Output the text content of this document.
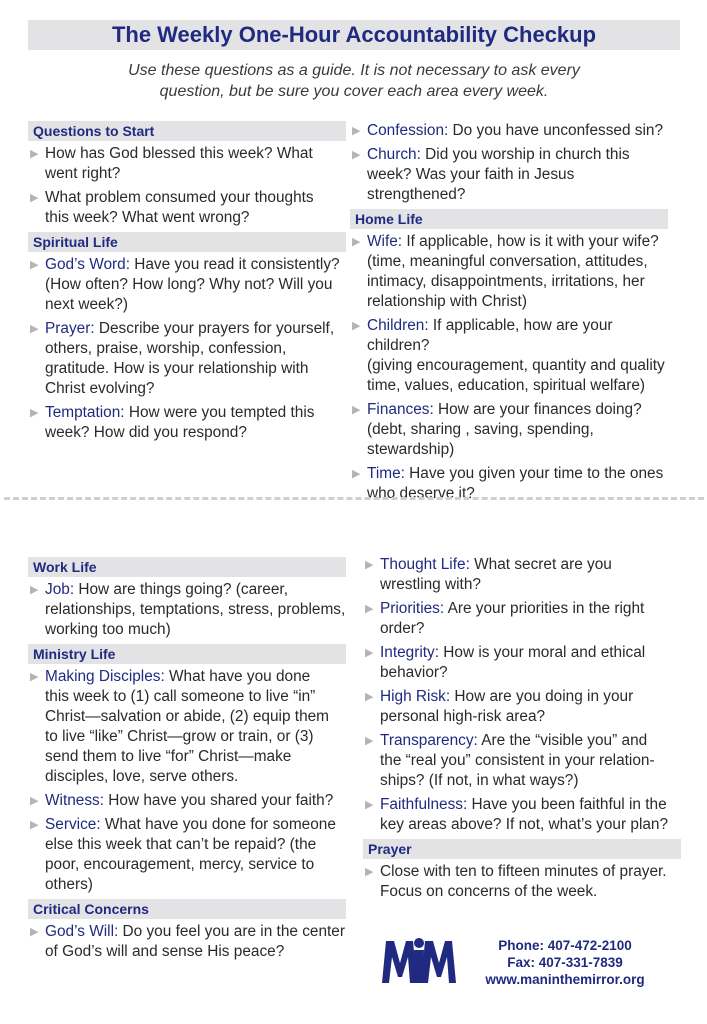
The Weekly One-Hour Accountability Checkup
Use these questions as a guide. It is not necessary to ask every
question, but be sure you cover each area every week.
Questions to Start
▶ How has God blessed this week? What
went right?
▶ What problem consumed your thoughts
this week? What went wrong?
Spiritual Life
▶ God’s Word: Have you read it consistently?
(How often? How long? Why not? Will you
next week?)
▶ Prayer: Describe your prayers for yourself,
others, praise, worship, confession,
gratitude. How is your relationship with
Christ evolving?
▶ Temptation: How were you tempted this
week? How did you respond?
▶ Confession: Do you have unconfessed sin?
▶ Church: Did you worship in church this
week? Was your faith in Jesus strengthened?
Home Life
▶ Wife: If applicable, how is it with your wife?
(time, meaningful conversation, attitudes,
intimacy, disappointments, irritations, her
relationship with Christ)
▶ Children: If applicable, how are your children?
(giving encouragement, quantity and quality
time, values, education, spiritual welfare)
▶ Finances: How are your finances doing?
(debt, sharing , saving, spending, stewardship)
▶ Time: Have you given your time to the ones
who deserve it?
Work Life
▶ Job: How are things going? (career,
relationships, temptations, stress, problems,
working too much)
Ministry Life
▶ Making Disciples: What have you done
this week to (1) call someone to live “in”
Christ—salvation or abide, (2) equip them
to live “like” Christ—grow or train, or (3)
send them to live “for” Christ—make
disciples, love, serve others.
▶ Witness: How have you shared your faith?
▶ Service: What have you done for someone
else this week that can’t be repaid? (the
poor, encouragement, mercy, service to
others)
Critical Concerns
▶ God’s Will: Do you feel you are in the center
of God’s will and sense His peace?
▶ Thought Life: What secret are you
wrestling with?
▶ Priorities: Are your priorities in the right
order?
▶ Integrity: How is your moral and ethical
behavior?
▶ High Risk: How are you doing in your
personal high-risk area?
▶ Transparency: Are the “visible you” and
the “real you” consistent in your relation-
ships? (If not, in what ways?)
▶ Faithfulness: Have you been faithful in the
key areas above? If not, what’s your plan?
Prayer
▶ Close with ten to fifteen minutes of prayer.
Focus on concerns of the week.
Phone: 407-472-2100
Fax: 407-331-7839
www.maninthemirror.org
